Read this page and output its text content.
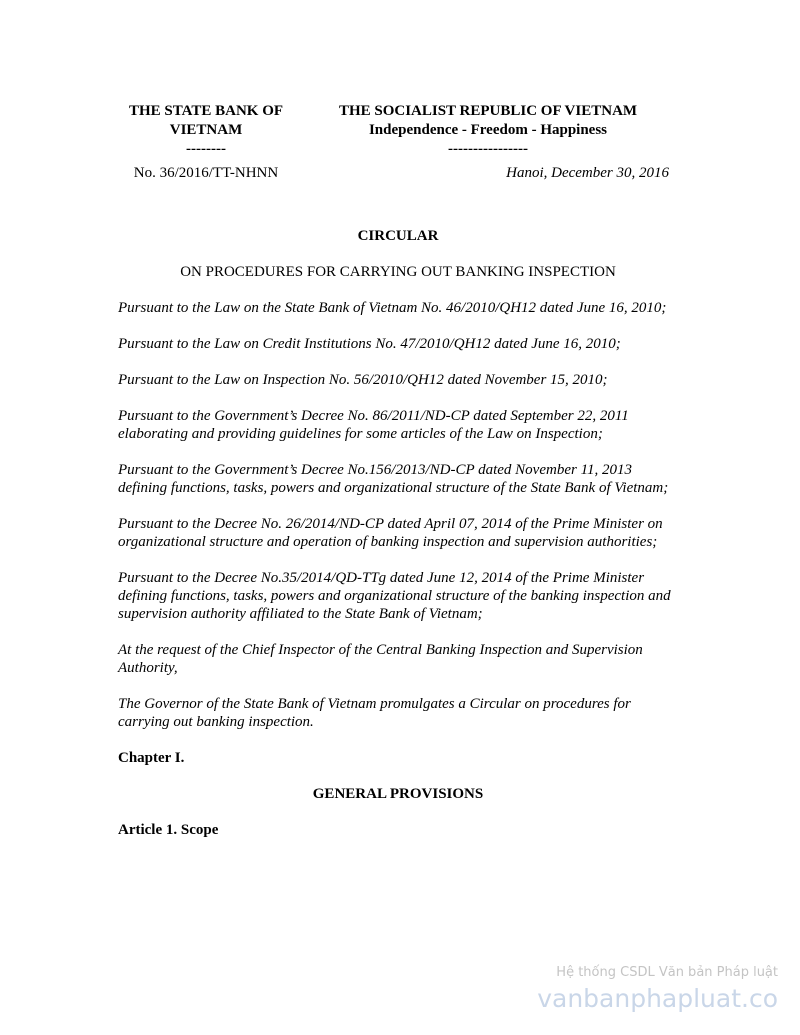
THE STATE BANK OF
VIETNAM
--------
THE SOCIALIST REPUBLIC OF VIETNAM
Independence - Freedom - Happiness
----------------
No. 36/2016/TT-NHNN	Hanoi, December 30, 2016

CIRCULAR

ON PROCEDURES FOR CARRYING OUT BANKING INSPECTION

Pursuant to the Law on the State Bank of Vietnam No. 46/2010/QH12 dated June 16, 2010;

Pursuant to the Law on Credit Institutions No. 47/2010/QH12 dated June 16, 2010;

Pursuant to the Law on Inspection No. 56/2010/QH12 dated November 15, 2010;

Pursuant to the Government’s Decree No. 86/2011/ND-CP dated September 22, 2011 elaborating and providing guidelines for some articles of the Law on Inspection;

Pursuant to the Government’s Decree No.156/2013/ND-CP dated November 11, 2013 defining functions, tasks, powers and organizational structure of the State Bank of Vietnam;

Pursuant to the Decree No. 26/2014/ND-CP dated April 07, 2014 of the Prime Minister on organizational structure and operation of banking inspection and supervision authorities;

Pursuant to the Decree No.35/2014/QD-TTg dated June 12, 2014 of the Prime Minister defining functions, tasks, powers and organizational structure of the banking inspection and supervision authority affiliated to the State Bank of Vietnam;

At the request of the Chief Inspector of the Central Banking Inspection and Supervision Authority,

The Governor of the State Bank of Vietnam promulgates a Circular on procedures for carrying out banking inspection.

Chapter I.

GENERAL PROVISIONS

Article 1. Scope

Hệ thống CSDL Văn bản Pháp luật
vanbanphapluat.co
